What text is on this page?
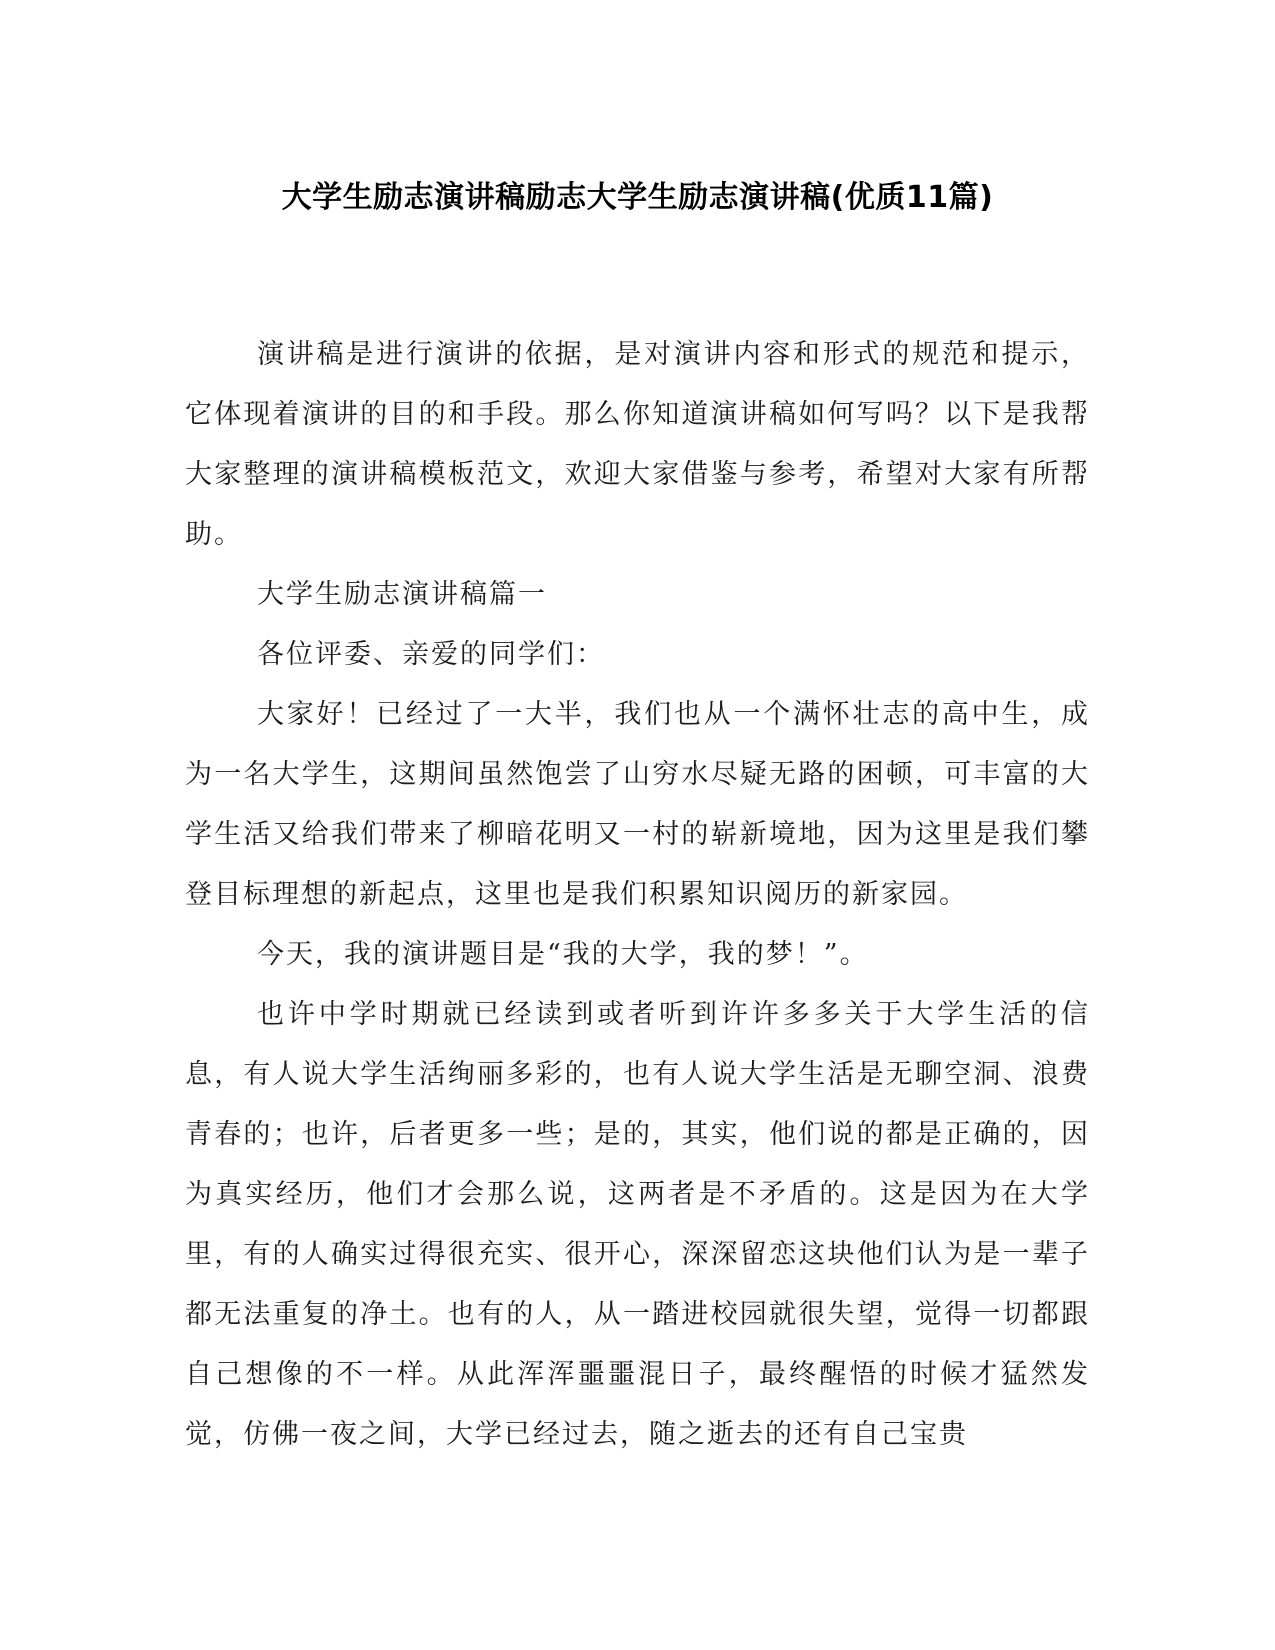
大学生励志演讲稿励志大学生励志演讲稿(优质11篇)

演讲稿是进行演讲的依据，是对演讲内容和形式的规范和提示，它体现着演讲的目的和手段。那么你知道演讲稿如何写吗？以下是我帮大家整理的演讲稿模板范文，欢迎大家借鉴与参考，希望对大家有所帮助。

大学生励志演讲稿篇一

各位评委、亲爱的同学们：

大家好！已经过了一大半，我们也从一个满怀壮志的高中生，成为一名大学生，这期间虽然饱尝了山穷水尽疑无路的困顿，可丰富的大学生活又给我们带来了柳暗花明又一村的崭新境地，因为这里是我们攀登目标理想的新起点，这里也是我们积累知识阅历的新家园。

今天，我的演讲题目是“我的大学，我的梦！”。

也许中学时期就已经读到或者听到许许多多关于大学生活的信息，有人说大学生活绚丽多彩的，也有人说大学生活是无聊空洞、浪费青春的；也许，后者更多一些；是的，其实，他们说的都是正确的，因为真实经历，他们才会那么说，这两者是不矛盾的。这是因为在大学里，有的人确实过得很充实、很开心，深深留恋这块他们认为是一辈子都无法重复的净土。也有的人，从一踏进校园就很失望，觉得一切都跟自己想像的不一样。从此浑浑噩噩混日子，最终醒悟的时候才猛然发觉，仿佛一夜之间，大学已经过去，随之逝去的还有自己宝贵
